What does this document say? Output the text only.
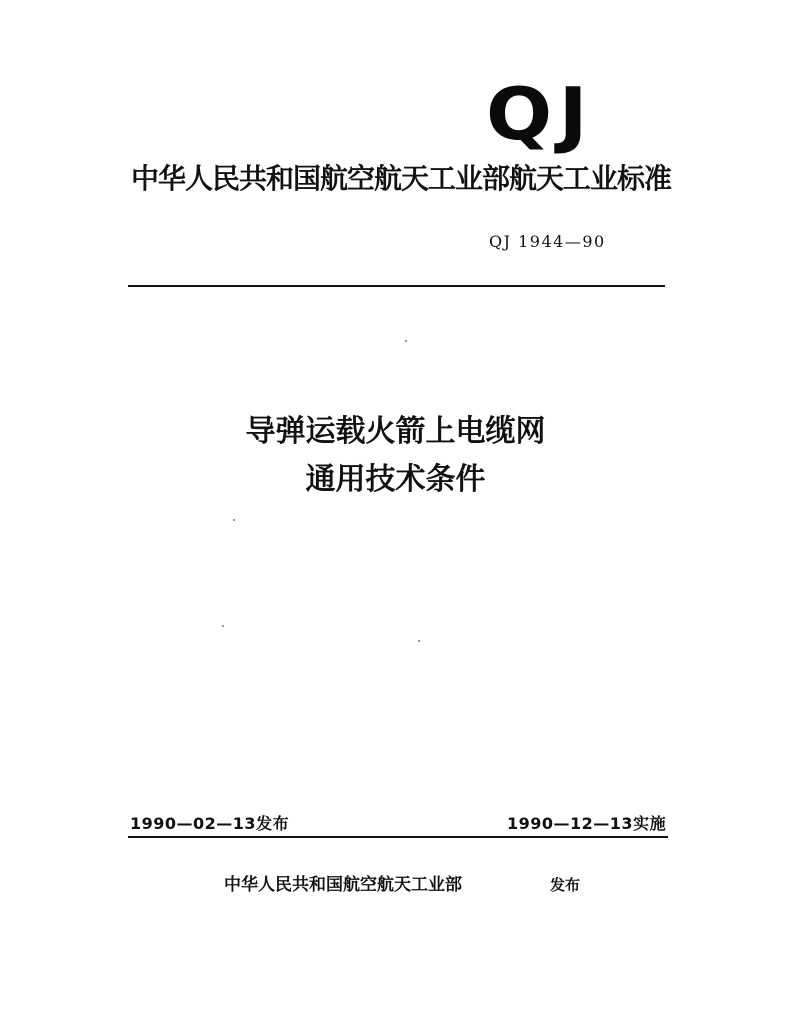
QJ
中华人民共和国航空航天工业部航天工业标准
QJ 1944—90
导弹运载火箭上电缆网
通用技术条件
1990—02—13发布	1990—12—13实施
中华人民共和国航空航天工业部	发布
